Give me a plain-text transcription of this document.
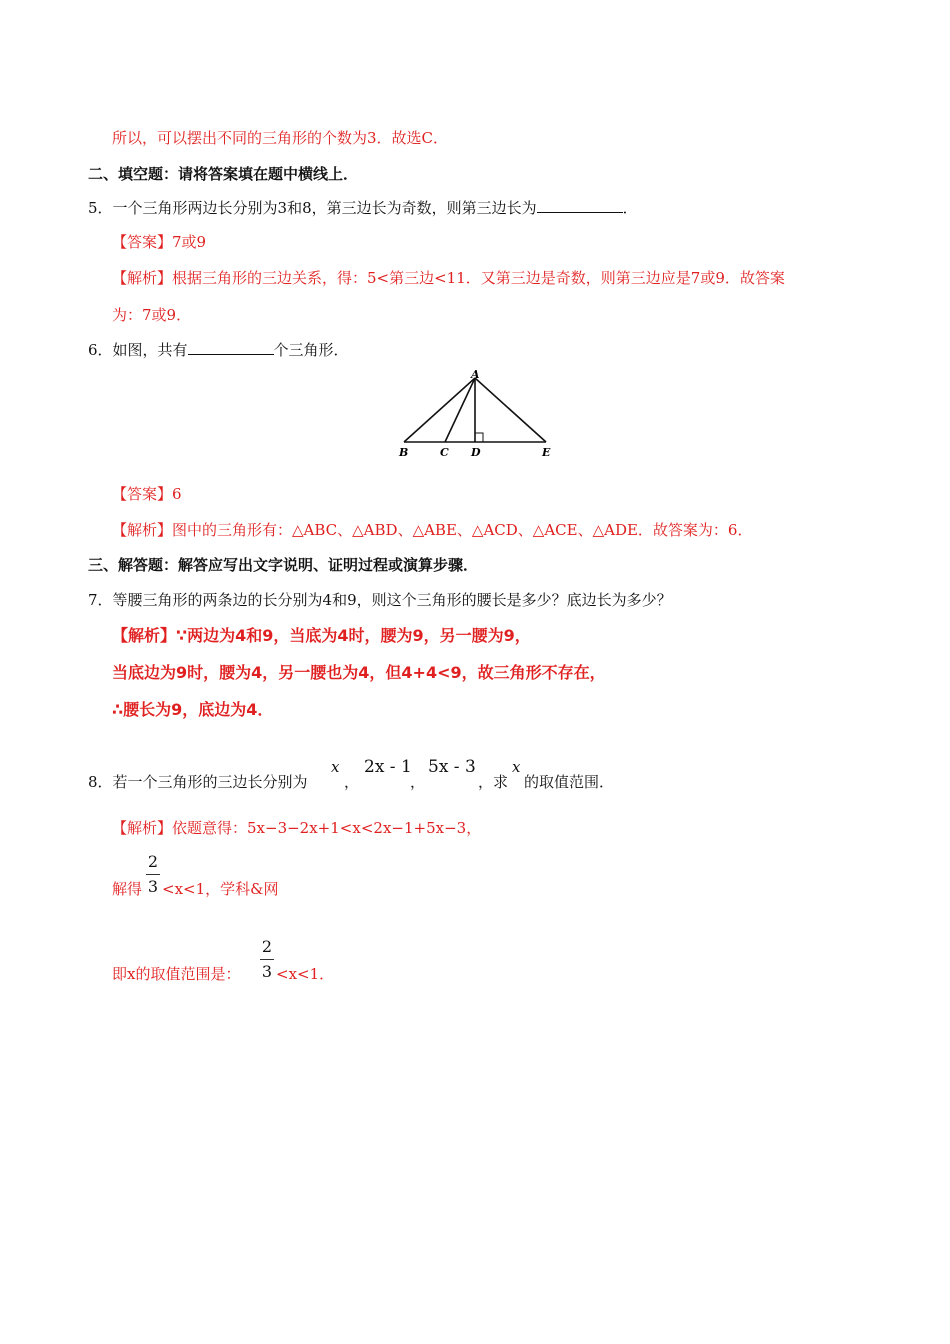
所以，可以摆出不同的三角形的个数为3．故选C．
二、填空题：请将答案填在题中横线上．
5．一个三角形两边长分别为3和8，第三边长为奇数，则第三边长为	．
【答案】7或9
【解析】根据三角形的三边关系，得：5<第三边<11．又第三边是奇数，则第三边应是7或9．故答案
为：7或9．
6．如图，共有	个三角形．
A
B	C D	E
【答案】6
【解析】图中的三角形有：△ABC、△ABD、△ABE、△ACD、△ACE、△ADE．故答案为：6．
三、解答题：解答应写出文字说明、证明过程或演算步骤．
7．等腰三角形的两条边的长分别为4和9，则这个三角形的腰长是多少？底边长为多少？
【解析】∵两边为4和9，当底为4时，腰为9，另一腰为9，
当底边为9时，腰为4，另一腰也为4，但4+4<9，故三角形不存在，
∴腰长为9，底边为4．
8．若一个三角形的三边长分别为
x
，
2x - 1
，
5x - 3
，求
x
的取值范围．
【解析】依题意得：5x−3−2x+1<x<2x−1+5x−3，
解得
2
3 <x<1，学科&网
即x的取值范围是：
2
3 <x<1．
